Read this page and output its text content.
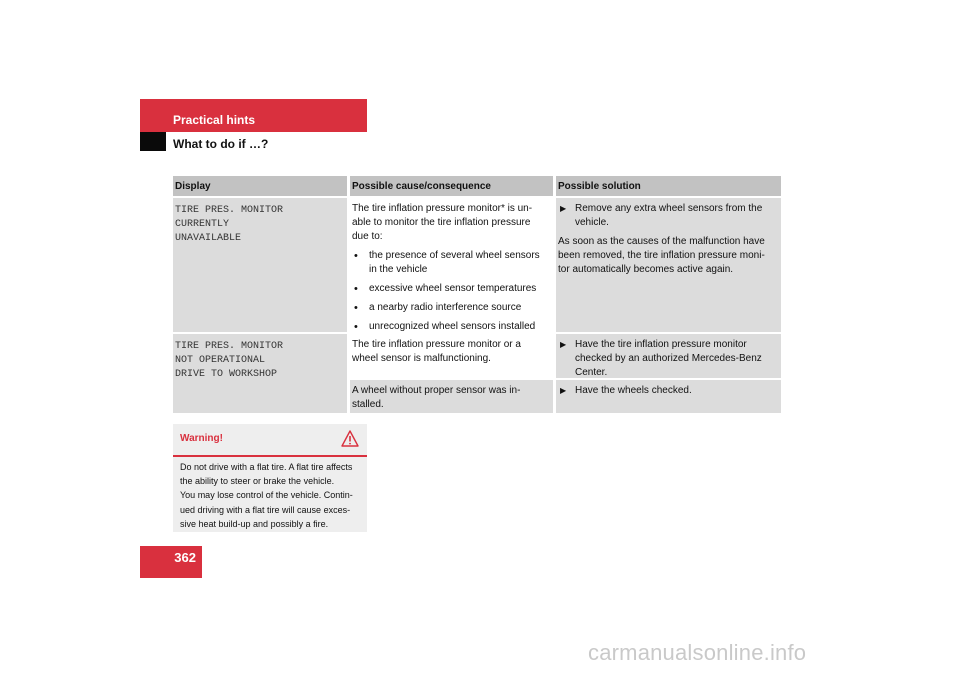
Practical hints
What to do if …?
Display	Possible cause/consequence	Possible solution
TIRE PRES. MONITOR
CURRENTLY
UNAVAILABLE

The tire inflation pressure monitor* is un-
able to monitor the tire inflation pressure
due to:

• the presence of several wheel sensors
in the vehicle
• excessive wheel sensor temperatures
• a nearby radio interference source
• unrecognized wheel sensors installed
▶ Remove any extra wheel sensors from the
vehicle.

As soon as the causes of the malfunction have
been removed, the tire inflation pressure moni-
tor automatically becomes active again.

TIRE PRES. MONITOR
NOT OPERATIONAL
DRIVE TO WORKSHOP
The tire inflation pressure monitor or a
wheel sensor is malfunctioning.
▶ Have the tire inflation pressure monitor
checked by an authorized Mercedes-Benz
Center.
A wheel without proper sensor was in-
stalled.
▶ Have the wheels checked.
Warning!
Do not drive with a flat tire. A flat tire affects
the ability to steer or brake the vehicle.
You may lose control of the vehicle. Contin-
ued driving with a flat tire will cause exces-
sive heat build-up and possibly a fire.
362
carmanualsonline.info
